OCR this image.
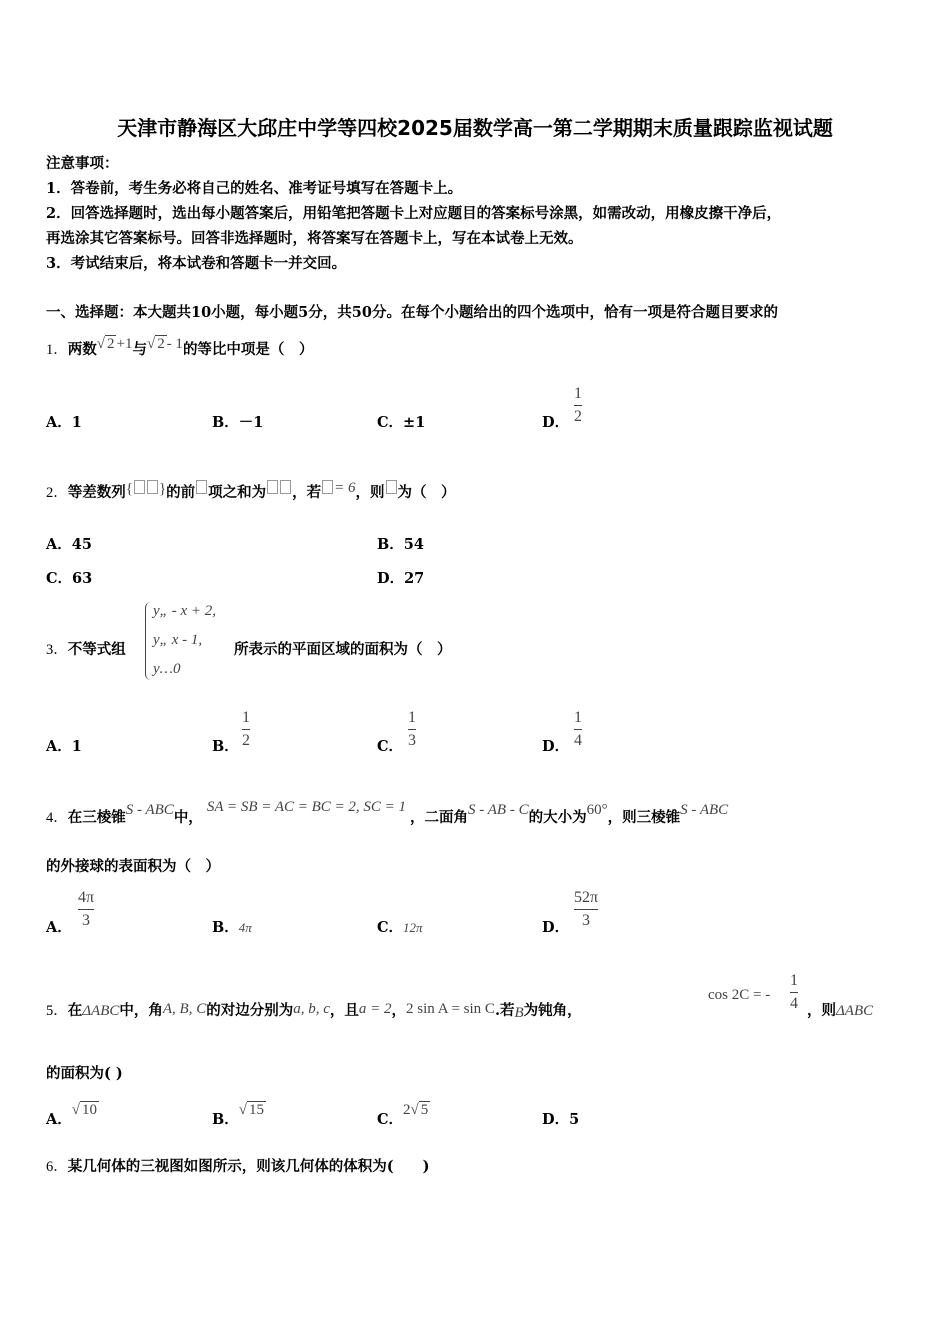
天津市静海区大邱庄中学等四校2025届数学高一第二学期期末质量跟踪监视试题
注意事项：
1．答卷前，考生务必将自己的姓名、准考证号填写在答题卡上。
2．回答选择题时，选出每小题答案后，用铅笔把答题卡上对应题目的答案标号涂黑，如需改动，用橡皮擦干净后，
再选涂其它答案标号。回答非选择题时，将答案写在答题卡上，写在本试卷上无效。
3．考试结束后，将本试卷和答题卡一并交回。
一、选择题：本大题共10小题，每小题5分，共50分。在每个小题给出的四个选项中，恰有一项是符合题目要求的
1．两数√ 2 +1与√ 2 - 1的等比中项是（　）
A．1	B．－1	C．±1	D．
1
2
2．等差数列{ }的前 项之和为 ，若 = 6，则 为（　）
A．45	B．54
C．63	D．27
3．不等式组
y„ - x + 2,
y„ x - 1,
y…0
所表示的平面区域的面积为（　）
A．1	B．
1
2	C．
1
3	D．
1
4
4．在三棱锥S - ABC中，SA = SB = AC = BC = 2, SC = 1，二面角S - AB - C的大小为60°，则三棱锥S - ABC
的外接球的表面积为（　）
A．
4π
3	B．4π	C．12π	D．
52π
3
5．在ΔABC中，角A, B, C的对边分别为a, b, c，且a = 2，2 sin A = sin C.若B为钝角，
cos 2C = -
1
4 ，则ΔABC
的面积为( )
A．√ 10
B．√ 15
C．2√ 5
D．5
6．某几何体的三视图如图所示，则该几何体的体积为(　　)
